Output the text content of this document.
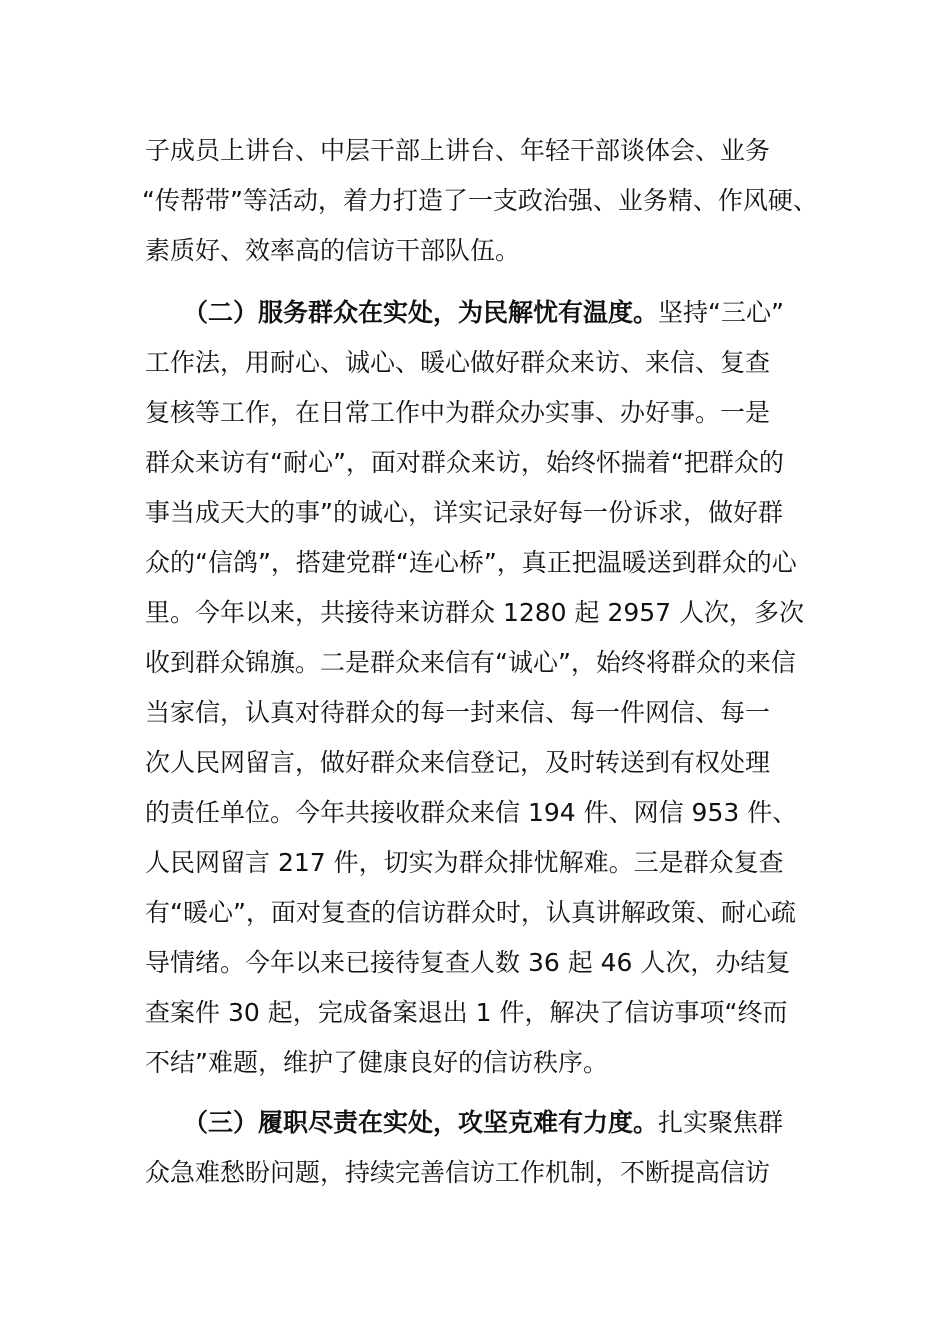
子成员上讲台、中层干部上讲台、年轻干部谈体会、业务
“传帮带”等活动，着力打造了一支政治强、业务精、作风硬、
素质好、效率高的信访干部队伍。
（二）服务群众在实处，为民解忧有温度。坚持“三心”
工作法，用耐心、诚心、暖心做好群众来访、来信、复查
复核等工作，在日常工作中为群众办实事、办好事。一是
群众来访有“耐心”，面对群众来访，始终怀揣着“把群众的
事当成天大的事”的诚心，详实记录好每一份诉求，做好群
众的“信鸽”，搭建党群“连心桥”，真正把温暖送到群众的心
里。今年以来，共接待来访群众 1280 起 2957 人次，多次
收到群众锦旗。二是群众来信有“诚心”，始终将群众的来信
当家信，认真对待群众的每一封来信、每一件网信、每一
次人民网留言，做好群众来信登记，及时转送到有权处理
的责任单位。今年共接收群众来信 194 件、网信 953 件、
人民网留言 217 件，切实为群众排忧解难。三是群众复查
有“暖心”，面对复查的信访群众时，认真讲解政策、耐心疏
导情绪。今年以来已接待复查人数 36 起 46 人次，办结复
查案件 30 起，完成备案退出 1 件，解决了信访事项“终而
不结”难题，维护了健康良好的信访秩序。
（三）履职尽责在实处，攻坚克难有力度。扎实聚焦群
众急难愁盼问题，持续完善信访工作机制，不断提高信访
